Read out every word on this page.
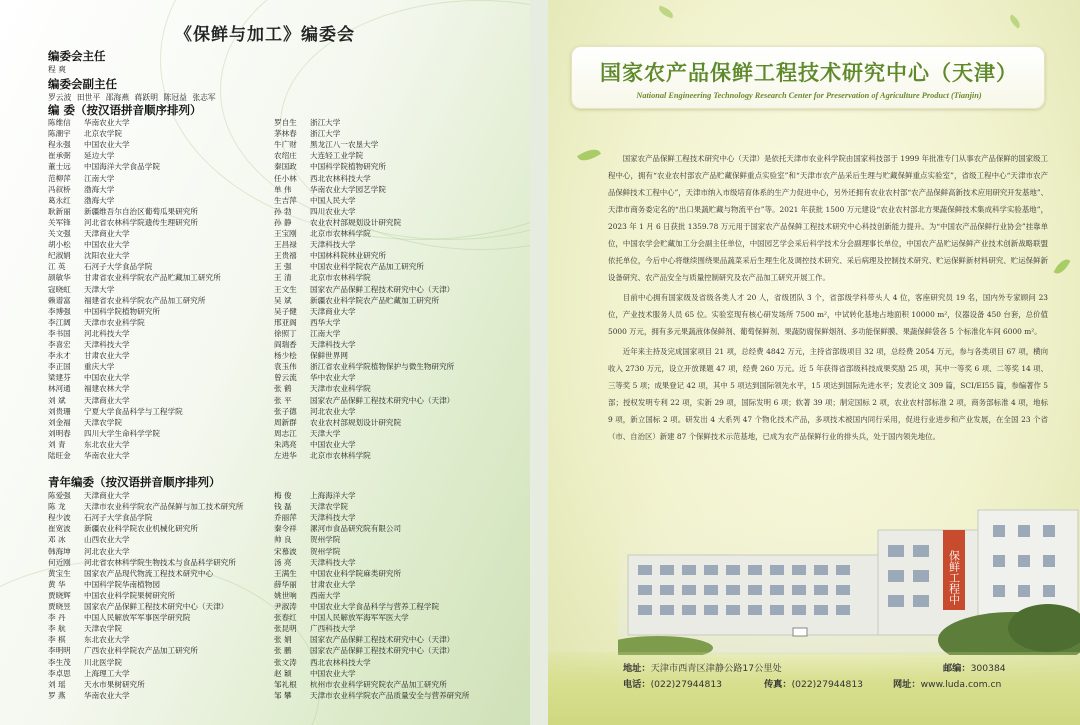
《保鲜与加工》编委会
编委会主任
程 爽
编委会副主任
罗云波 田世平 邵海燕 蒋跃明 陈冠益 张志军
编 委（按汉语拼音顺序排列）
陈维信 华南农业大学
陈潮宇 北京农学院
程永强 中国农业大学
崔承弼 延边大学
董士远 中国海洋大学食品学院
范柳萍 江南大学
冯叙桥 渤海大学
葛永红 渤海大学
耿新丽 新疆维吾尔自治区葡萄瓜果研究所
关军锋 河北省农林科学院遗传生理研究所
关文强 天津商业大学
胡小松 中国农业大学
纪淑娟 沈阳农业大学
江 英 石河子大学食品学院
颉敏华 甘肃省农业科学院农产品贮藏加工研究所
寇晓虹 天津大学
赖谱富 福建省农业科学院农产品加工研究所
李博强 中国科学院植物研究所
李江阔 天津市农业科学院
李书国 河北科技大学
李喜宏 天津科技大学
李永才 甘肃农业大学
李正国 重庆大学
梁建芬 中国农业大学
林河通 福建农林大学
刘 斌 天津商业大学
刘贵珊 宁夏大学食品科学与工程学院
刘金福 天津农学院
刘明春 四川大学生命科学学院
刘 青 东北农业大学
陆旺金 华南农业大学
罗自生 浙江大学
茅林春 浙江大学
牛广财 黑龙江八一农垦大学
农绍庄 大连轻工业学院
秦国政 中国科学院植物研究所
任小林 西北农林科技大学
单 伟 华南农业大学园艺学院
生吉萍 中国人民大学
孙 勃 四川农业大学
孙 静 农业农村部规划设计研究院
王宝刚 北京市农林科学院
王昌禄 天津科技大学
王贵禧 中国林科院林业研究所
王 强 中国农业科学院农产品加工研究所
王 清 北京市农林科学院
王文生 国家农产品保鲜工程技术研究中心（天津）
吴 斌 新疆农业科学院农产品贮藏加工研究所
吴子健 天津商业大学
邢亚阁 西华大学
徐照丁 江南大学
阎瑞香 天津科技大学
杨少桧 保鲜世界网
袁玉伟 浙江省农业科学院植物保护与微生物研究所
曾云流 华中农业大学
张 鹤 天津市农业科学院
张 平 国家农产品保鲜工程技术研究中心（天津）
张子德 河北农业大学
周新群 农业农村部规划设计研究院
周志江 天津大学
朱鸿亮 中国农业大学
左进华 北京市农林科学院
青年编委（按汉语拼音顺序排列）
陈爱强 天津商业大学
陈 龙 天津市农业科学院农产品保鲜与加工技术研究所
程少波 石河子大学食品学院
崔宽波 新疆农业科学院农业机械化研究所
邓 冰 山西农业大学
韩海坤 河北农业大学
何近刚 河北省农林科学院生物技术与食品科学研究所
黄宝生 国家农产品现代物流工程技术研究中心
黄 华 中国科学院华南植物园
贾晓辉 中国农业科学院果树研究所
贾晓昱 国家农产品保鲜工程技术研究中心（天津）
李 丹 中国人民解放军军事医学研究院
李 航 天津农学院
李 棋 东北农业大学
李明明 广西农业科学院农产品加工研究所
李生茂 川北医学院
李卓思 上海理工大学
刘 瑶 天水市果树研究所
罗 燕 华南农业大学
梅 俊 上海海洋大学
钱 磊 天津农学院
乔丽萍 天津科技大学
秦令祥 漯河市食品研究院有限公司
帅 良 贺州学院
宋慕波 贺州学院
汤 亮 天津科技大学
王满生 中国农业科学院麻类研究所
薛华丽 甘肃农业大学
姚世响 西南大学
尹淑涛 中国农业大学食品科学与营养工程学院
张春红 中国人民解放军海军军医大学
张昆明 广西科技大学
张 娟 国家农产品保鲜工程技术研究中心（天津）
张 鹏 国家农产品保鲜工程技术研究中心（天津）
张文涛 西北农林科技大学
赵 颖 中国农业大学
邹礼根 杭州市农业科学研究院农产品加工研究所
邹 攀 天津市农业科学院农产品质量安全与营养研究所
国家农产品保鲜工程技术研究中心（天津）
National Engineering Technology Research Center for Preservation of Agriculture Product (Tianjin)

国家农产品保鲜工程技术研究中心（天津）是依托天津市农业科学院由国家科技部于 1999 年批准专门从事农产品保鲜的国家级工程中心，拥有“农业农村部农产品贮藏保鲜重点实验室”和“天津市农产品采后生理与贮藏保鲜重点实验室”，省级工程中心“天津市农产品保鲜技术工程中心”，天津市纳入市级培育体系的生产力促进中心，另外还拥有农业农村部“农产品保鲜高新技术应用研究开发基地”、天津市商务委定名的“出口果蔬贮藏与物流平台”等。2021 年获批 1500 万元建设“农业农村部北方果蔬保鲜技术集成科学实验基地”，2023 年 1 月 6 日获批 1359.78 万元用于国家农产品保鲜工程技术研究中心科技创新能力提升。为“中国农产品保鲜行业协会”挂靠单位，中国农学会贮藏加工分会副主任单位，中国园艺学会采后科学技术分会副理事长单位，中国农产品贮运保鲜产业技术创新战略联盟依托单位，今后中心将继续围绕果品蔬菜采后生理生化及调控技术研究、采后病理及控制技术研究、贮运保鲜新材料研究、贮运保鲜新设备研究、农产品安全与质量控制研究及农产品加工研究开展工作。

目前中心拥有国家级及省级各类人才 20 人，省级团队 3 个，省部级学科带头人 4 位，客座研究员 19 名，国内外专家顾问 23 位，产业技术服务人员 65 位。实验室现有核心研发场所 7500 m²，中试转化基地占地面积 10000 m²，仪器设备 450 台套，总价值 5000 万元，拥有多元果蔬液体保鲜剂、葡萄保鲜剂、果蔬防腐保鲜烟剂、多功能保鲜膜、果蔬保鲜袋各 5 个标准化车间 6000 m²。

近年来主持及完成国家项目 21 项，总经费 4842 万元，主持省部级项目 32 项，总经费 2054 万元，参与各类项目 67 项，横向收入 2730 万元，设立开放课题 47 项，经费 260 万元。近 5 年获得省部级科技成果奖励 25 项，其中一等奖 6 项、二等奖 14 项、三等奖 5 项；成果登记 42 项，其中 5 项达到国际领先水平，15 项达到国际先进水平；发表论文 309 篇，SCI/EI55 篇，参编著作 5 部；授权发明专利 22 项，实新 29 项，国际发明 6 项；软著 39 项；制定国标 2 项，农业农村部标准 2 项，商务部标准 4 项，地标 9 项，新立国标 2 项。研发出 4 大系列 47 个物化技术产品，多项技术被国内同行采用，促进行业进步和产业发展，在全国 23 个省（市、自治区）新建 87 个保鲜技术示范基地，已成为农产品保鲜行业的排头兵，处于国内领先地位。

保鲜工程中
地址：天津市西青区津静公路17公里处	邮编：300384
电话：(022)27944813	传真：(022)27944813	网址：www.luda.com.cn
